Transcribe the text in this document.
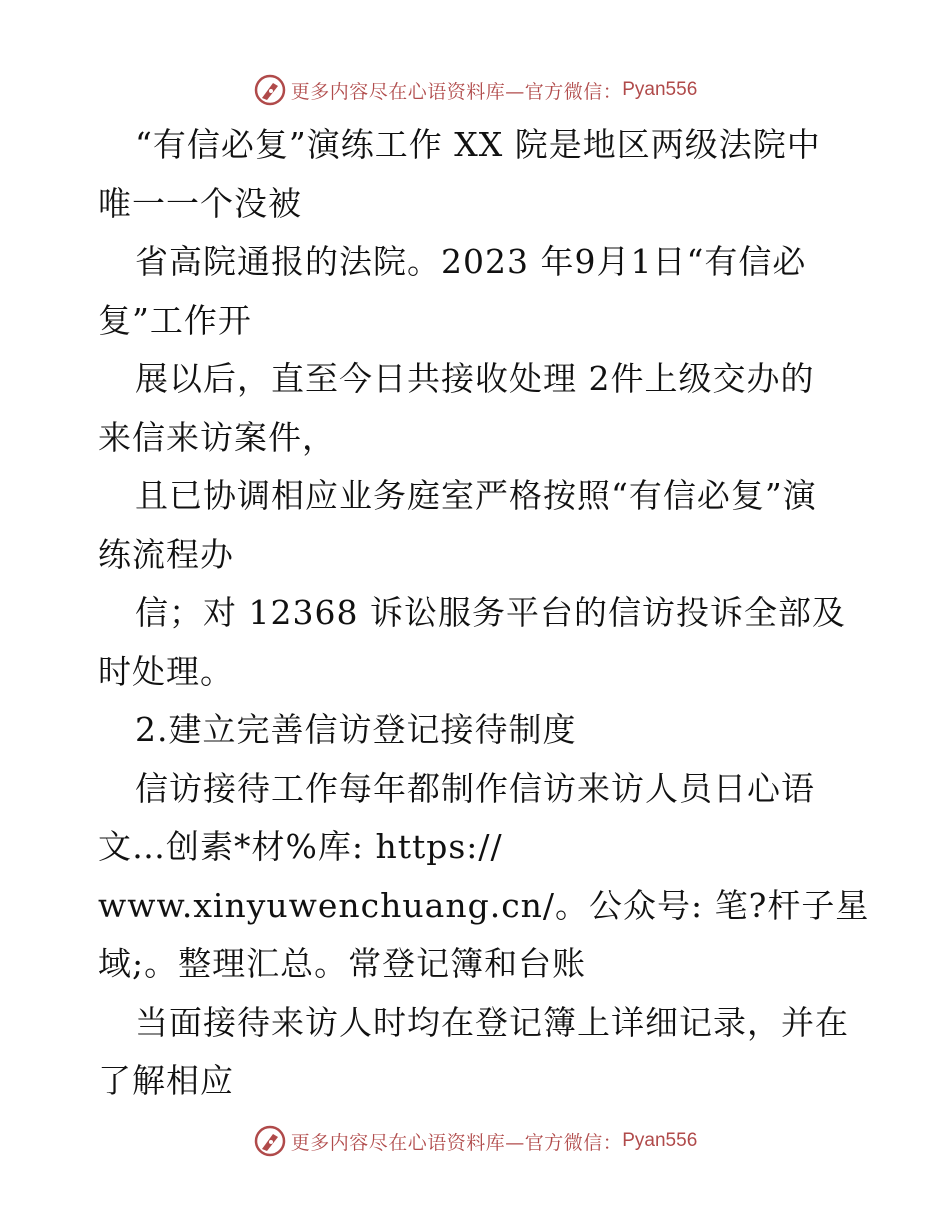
更多内容尽在心语资料库—官方微信： Pyan556
“有信必复”演练工作 XX 院是地区两级法院中
唯一一个没被
省高院通报的法院。2023 年9月1日“有信必
复”工作开
展以后，直至今日共接收处理 2件上级交办的
来信来访案件，
且已协调相应业务庭室严格按照“有信必复”演
练流程办
信；对 12368 诉讼服务平台的信访投诉全部及
时处理。
2.建立完善信访登记接待制度
信访接待工作每年都制作信访来访人员日心语
文…创素*材%库: https://
www.xinyuwenchuang.cn/。公众号: 笔?杆子星
域;。整理汇总。常登记簿和台账
当面接待来访人时均在登记簿上详细记录，并在
了解相应
更多内容尽在心语资料库—官方微信： Pyan556
